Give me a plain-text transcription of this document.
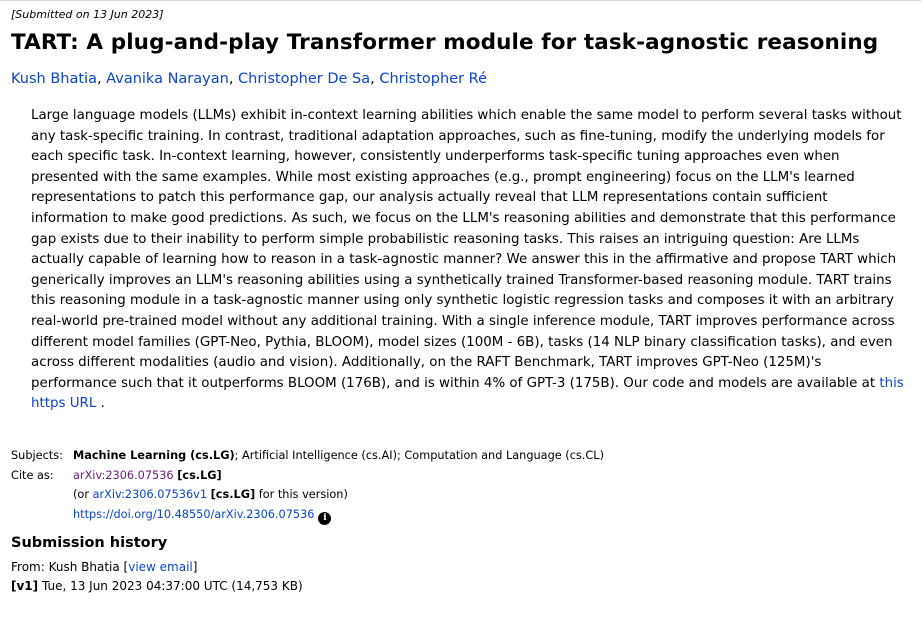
[Submitted on 13 Jun 2023]
TART: A plug-and-play Transformer module for task-agnostic reasoning
Kush Bhatia, Avanika Narayan, Christopher De Sa, Christopher Ré

Large language models (LLMs) exhibit in-context learning abilities which enable the same model to perform several tasks without any task-specific training. In contrast, traditional adaptation approaches, such as fine-tuning, modify the underlying models for each specific task. In-context learning, however, consistently underperforms task-specific tuning approaches even when presented with the same examples. While most existing approaches (e.g., prompt engineering) focus on the LLM's learned representations to patch this performance gap, our analysis actually reveal that LLM representations contain sufficient information to make good predictions. As such, we focus on the LLM's reasoning abilities and demonstrate that this performance gap exists due to their inability to perform simple probabilistic reasoning tasks. This raises an intriguing question: Are LLMs actually capable of learning how to reason in a task-agnostic manner? We answer this in the affirmative and propose TART which generically improves an LLM's reasoning abilities using a synthetically trained Transformer-based reasoning module. TART trains this reasoning module in a task-agnostic manner using only synthetic logistic regression tasks and composes it with an arbitrary real-world pre-trained model without any additional training. With a single inference module, TART improves performance across different model families (GPT-Neo, Pythia, BLOOM), model sizes (100M - 6B), tasks (14 NLP binary classification tasks), and even across different modalities (audio and vision). Additionally, on the RAFT Benchmark, TART improves GPT-Neo (125M)'s performance such that it outperforms BLOOM (176B), and is within 4% of GPT-3 (175B). Our code and models are available at this https URL .

Subjects:	Machine Learning (cs.LG); Artificial Intelligence (cs.AI); Computation and Language (cs.CL)
Cite as:	arXiv:2306.07536 [cs.LG]
	(or arXiv:2306.07536v1 [cs.LG] for this version)
	https://doi.org/10.48550/arXiv.2306.07536 i
Submission history
From: Kush Bhatia [view email]
[v1] Tue, 13 Jun 2023 04:37:00 UTC (14,753 KB)
